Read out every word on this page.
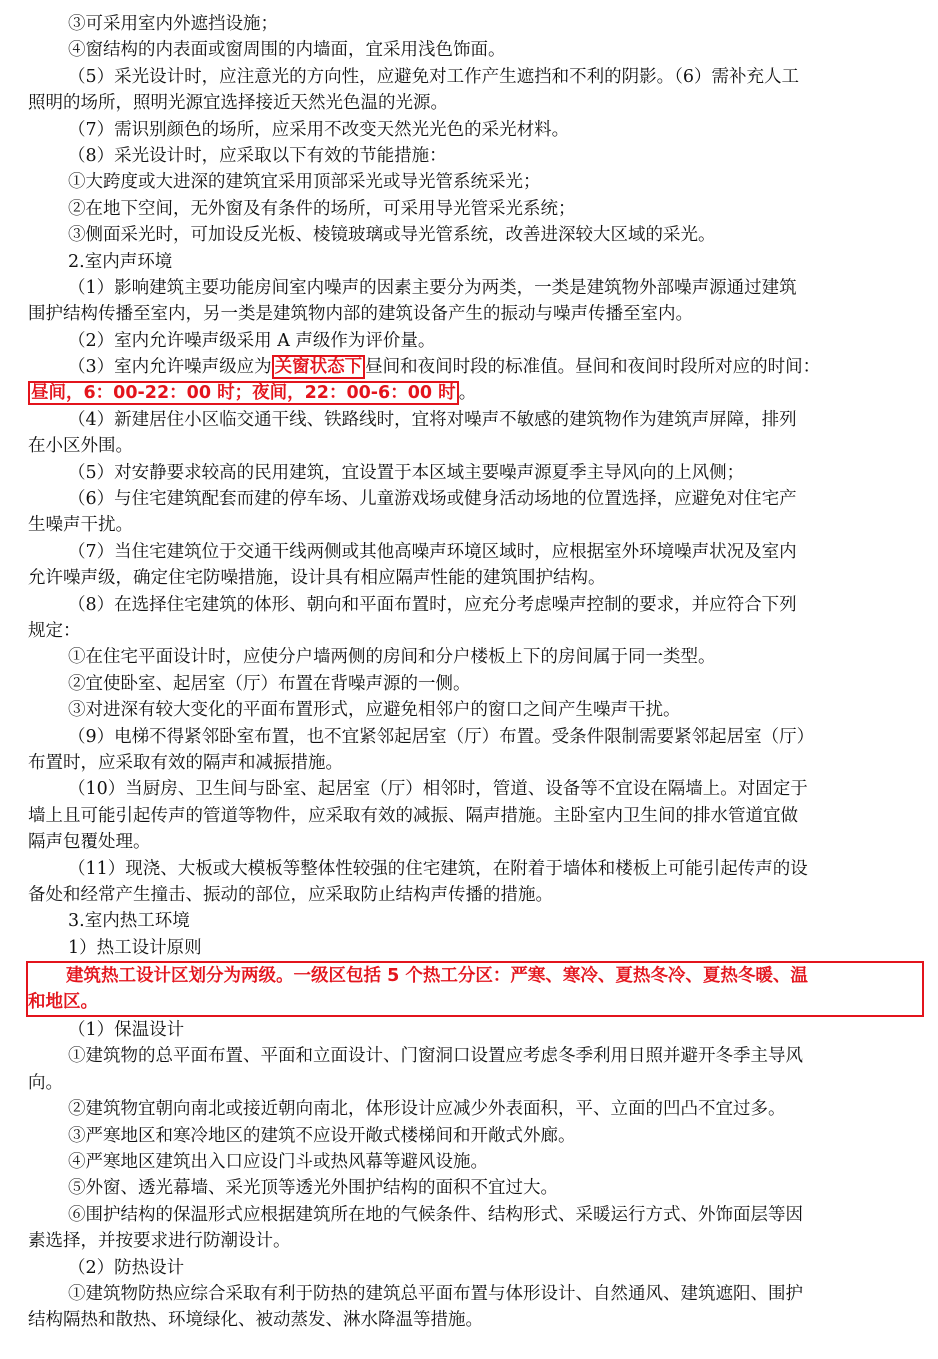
③可采用室内外遮挡设施；
④窗结构的内表面或窗周围的内墙面，宜采用浅色饰面。
（5）采光设计时，应注意光的方向性，应避免对工作产生遮挡和不利的阴影。（6）需补充人工
照明的场所，照明光源宜选择接近天然光色温的光源。
（7）需识别颜色的场所，应采用不改变天然光光色的采光材料。
（8）采光设计时，应采取以下有效的节能措施：
①大跨度或大进深的建筑宜采用顶部采光或导光管系统采光；
②在地下空间，无外窗及有条件的场所，可采用导光管采光系统；
③侧面采光时，可加设反光板、棱镜玻璃或导光管系统，改善进深较大区域的采光。
2.室内声环境
（1）影响建筑主要功能房间室内噪声的因素主要分为两类，一类是建筑物外部噪声源通过建筑
围护结构传播至室内，另一类是建筑物内部的建筑设备产生的振动与噪声传播至室内。
（2）室内允许噪声级采用 A 声级作为评价量。
（3）室内允许噪声级应为 关窗状态下 昼间和夜间时段的标准值。昼间和夜间时段所对应的时间：
昼间，6：00-22：00 时；夜间，22：00-6：00 时 。
（4）新建居住小区临交通干线、铁路线时，宜将对噪声不敏感的建筑物作为建筑声屏障，排列
在小区外围。
（5）对安静要求较高的民用建筑，宜设置于本区域主要噪声源夏季主导风向的上风侧；
（6）与住宅建筑配套而建的停车场、儿童游戏场或健身活动场地的位置选择，应避免对住宅产
生噪声干扰。
（7）当住宅建筑位于交通干线两侧或其他高噪声环境区域时，应根据室外环境噪声状况及室内
允许噪声级，确定住宅防噪措施，设计具有相应隔声性能的建筑围护结构。
（8）在选择住宅建筑的体形、朝向和平面布置时，应充分考虑噪声控制的要求，并应符合下列
规定：
①在住宅平面设计时，应使分户墙两侧的房间和分户楼板上下的房间属于同一类型。
②宜使卧室、起居室（厅）布置在背噪声源的一侧。
③对进深有较大变化的平面布置形式，应避免相邻户的窗口之间产生噪声干扰。
（9）电梯不得紧邻卧室布置，也不宜紧邻起居室（厅）布置。受条件限制需要紧邻起居室（厅）
布置时，应采取有效的隔声和减振措施。
（10）当厨房、卫生间与卧室、起居室（厅）相邻时，管道、设备等不宜设在隔墙上。对固定于
墙上且可能引起传声的管道等物件，应采取有效的减振、隔声措施。主卧室内卫生间的排水管道宜做
隔声包覆处理。
（11）现浇、大板或大模板等整体性较强的住宅建筑，在附着于墙体和楼板上可能引起传声的设
备处和经常产生撞击、振动的部位，应采取防止结构声传播的措施。
3.室内热工环境
1）热工设计原则
建筑热工设计区划分为两级。一级区包括 5 个热工分区：严寒、寒冷、夏热冬冷、夏热冬暖、温
和地区。
（1）保温设计
①建筑物的总平面布置、平面和立面设计、门窗洞口设置应考虑冬季利用日照并避开冬季主导风
向。
②建筑物宜朝向南北或接近朝向南北，体形设计应减少外表面积，平、立面的凹凸不宜过多。
③严寒地区和寒冷地区的建筑不应设开敞式楼梯间和开敞式外廊。
④严寒地区建筑出入口应设门斗或热风幕等避风设施。
⑤外窗、透光幕墙、采光顶等透光外围护结构的面积不宜过大。
⑥围护结构的保温形式应根据建筑所在地的气候条件、结构形式、采暖运行方式、外饰面层等因
素选择，并按要求进行防潮设计。
（2）防热设计
①建筑物防热应综合采取有利于防热的建筑总平面布置与体形设计、自然通风、建筑遮阳、围护
结构隔热和散热、环境绿化、被动蒸发、淋水降温等措施。
